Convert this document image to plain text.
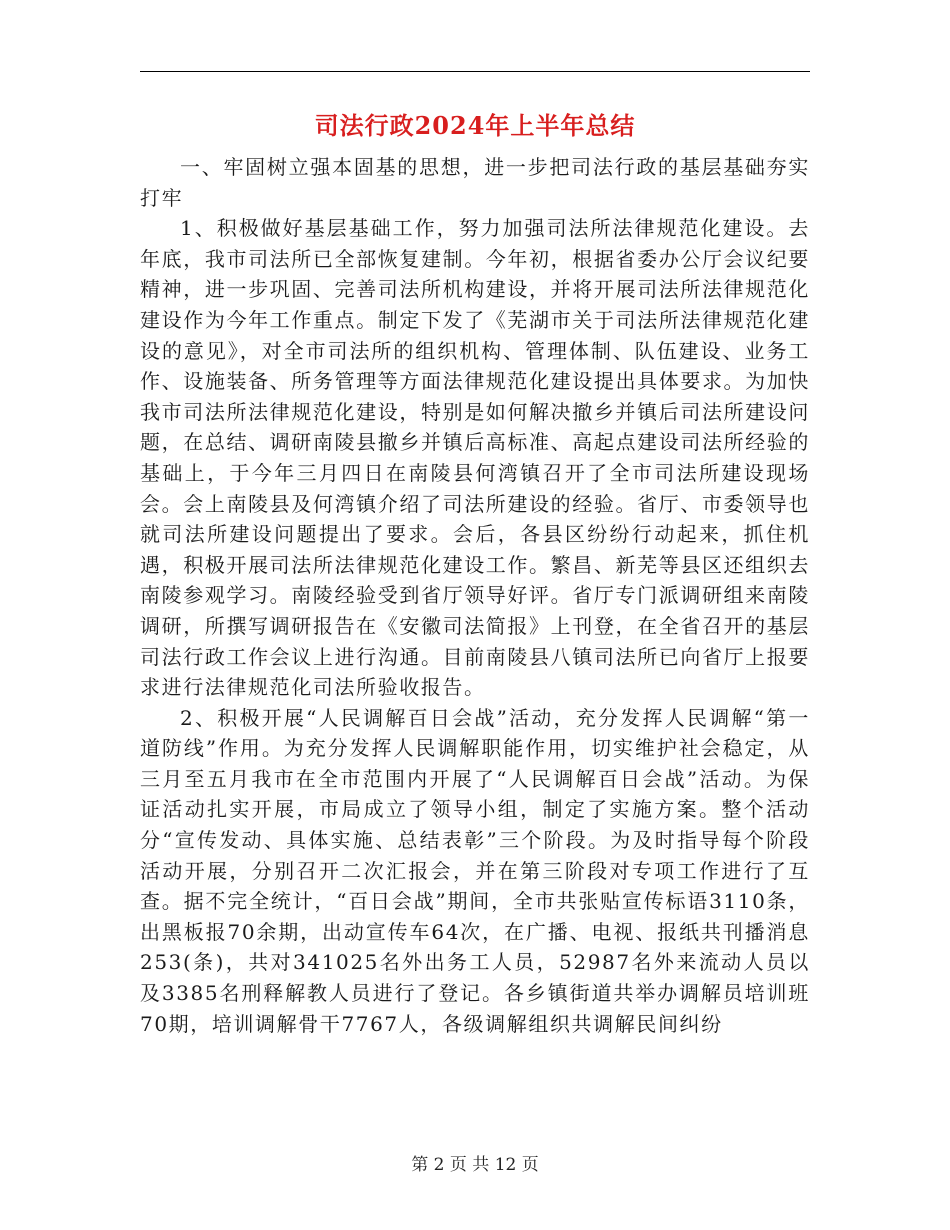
司法行政2024年上半年总结

一、牢固树立强本固基的思想，进一步把司法行政的基层基础夯实打牢

1、积极做好基层基础工作，努力加强司法所法律规范化建设。去年底，我市司法所已全部恢复建制。今年初，根据省委办公厅会议纪要精神，进一步巩固、完善司法所机构建设，并将开展司法所法律规范化建设作为今年工作重点。制定下发了《芜湖市关于司法所法律规范化建设的意见》，对全市司法所的组织机构、管理体制、队伍建设、业务工作、设施装备、所务管理等方面法律规范化建设提出具体要求。为加快我市司法所法律规范化建设，特别是如何解决撤乡并镇后司法所建设问题，在总结、调研南陵县撤乡并镇后高标准、高起点建设司法所经验的基础上，于今年三月四日在南陵县何湾镇召开了全市司法所建设现场会。会上南陵县及何湾镇介绍了司法所建设的经验。省厅、市委领导也就司法所建设问题提出了要求。会后，各县区纷纷行动起来，抓住机遇，积极开展司法所法律规范化建设工作。繁昌、新芜等县区还组织去南陵参观学习。南陵经验受到省厅领导好评。省厅专门派调研组来南陵调研，所撰写调研报告在《安徽司法简报》上刊登，在全省召开的基层司法行政工作会议上进行沟通。目前南陵县八镇司法所已向省厅上报要求进行法律规范化司法所验收报告。

2、积极开展“人民调解百日会战”活动，充分发挥人民调解“第一道防线”作用。为充分发挥人民调解职能作用，切实维护社会稳定，从三月至五月我市在全市范围内开展了“人民调解百日会战”活动。为保证活动扎实开展，市局成立了领导小组，制定了实施方案。整个活动分“宣传发动、具体实施、总结表彰”三个阶段。为及时指导每个阶段活动开展，分别召开二次汇报会，并在第三阶段对专项工作进行了互查。据不完全统计，“百日会战”期间，全市共张贴宣传标语3110条，出黑板报70余期，出动宣传车64次，在广播、电视、报纸共刊播消息253(条)，共对341025名外出务工人员，52987名外来流动人员以及3385名刑释解教人员进行了登记。各乡镇街道共举办调解员培训班70期，培训调解骨干7767人，各级调解组织共调解民间纠纷

第 2 页 共 12 页
